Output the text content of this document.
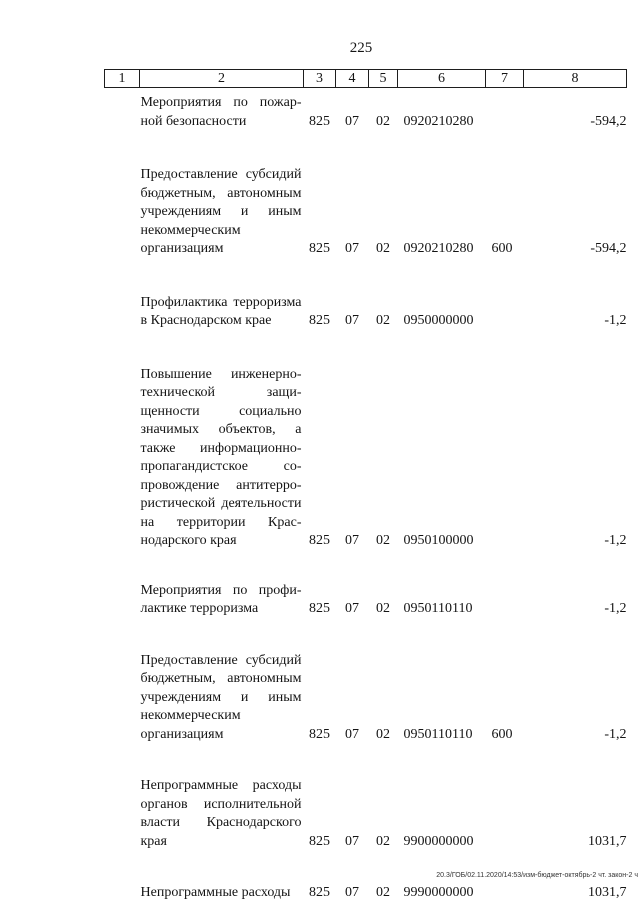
225
1	2	3	4	5	6	7	8
	Мероприятия по пожарной безопасности	825	07	02	0920210280		-594,2
	Предоставление субсидий бюджетным, автономным учреждениям и иным некоммерческим организациям	825	07	02	0920210280	600	-594,2
	Профилактика терроризма в Краснодарском крае	825	07	02	0950000000		-1,2
	Повышение инженерно-технической защищенности социально значимых объектов, а также информационно-пропагандистское сопровождение антитеррористической деятельности на территории Краснодарского края	825	07	02	0950100000		-1,2
	Мероприятия по профилактике терроризма	825	07	02	0950110110		-1,2
	Предоставление субсидий бюджетным, автономным учреждениям и иным некоммерческим организациям	825	07	02	0950110110	600	-1,2
	Непрограммные расходы органов исполнительной власти Краснодарского края	825	07	02	9900000000		1031,7
	Непрограммные расходы	825	07	02	9990000000		1031,7
20.3/ГОБ/02.11.2020/14:53/изм-бюджет-октябрь-2 чт. закон-2 ч
